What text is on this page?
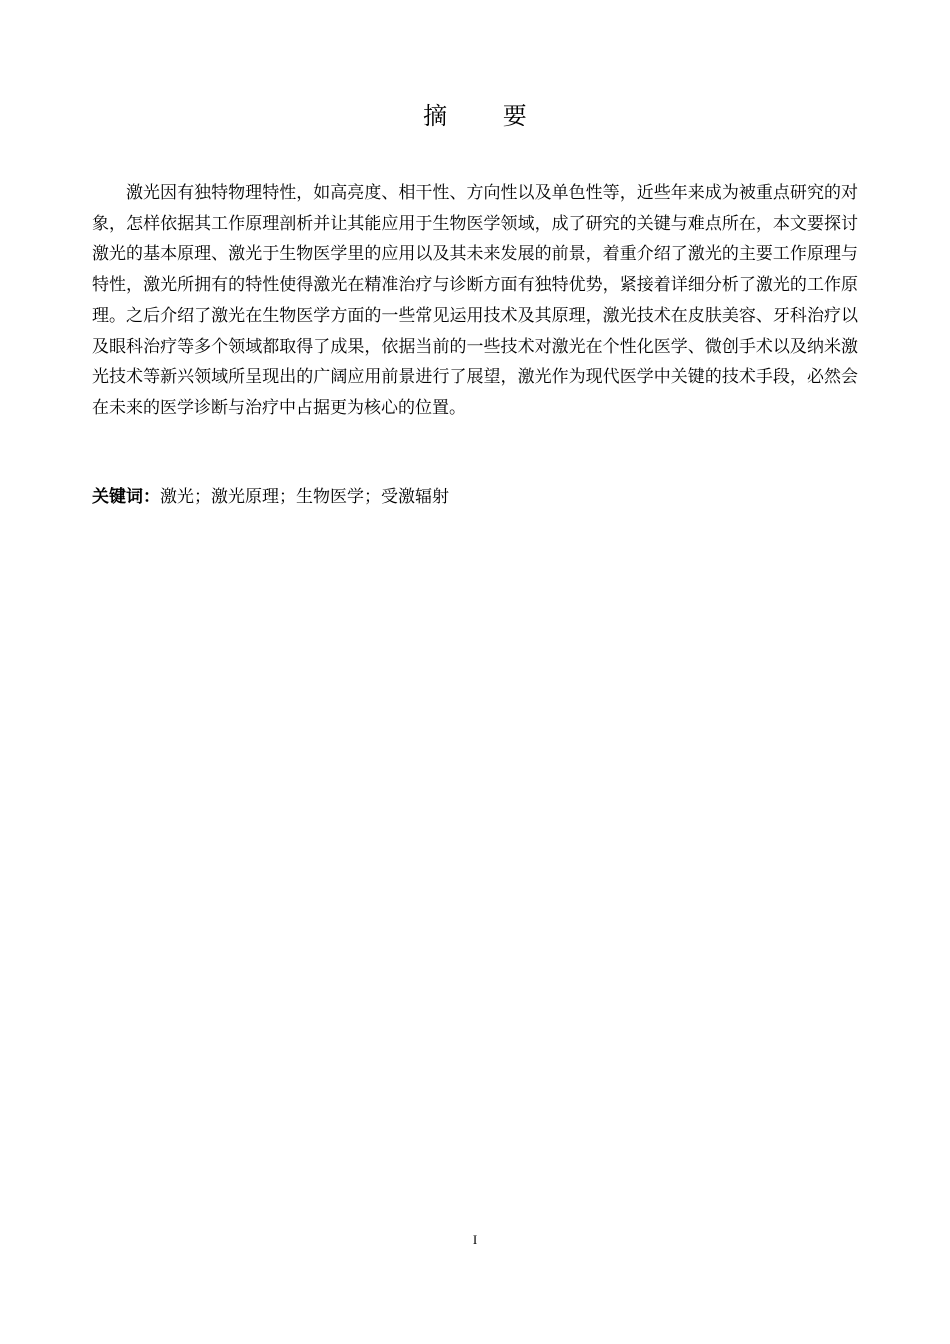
摘 要

激光因有独特物理特性，如高亮度、相干性、方向性以及单色性等，近些年来成为被重点研究的对象，怎样依据其工作原理剖析并让其能应用于生物医学领域，成了研究的关键与难点所在，本文要探讨激光的基本原理、激光于生物医学里的应用以及其未来发展的前景，着重介绍了激光的主要工作原理与特性，激光所拥有的特性使得激光在精准治疗与诊断方面有独特优势，紧接着详细分析了激光的工作原理。之后介绍了激光在生物医学方面的一些常见运用技术及其原理，激光技术在皮肤美容、牙科治疗以及眼科治疗等多个领域都取得了成果，依据当前的一些技术对激光在个性化医学、微创手术以及纳米激光技术等新兴领域所呈现出的广阔应用前景进行了展望，激光作为现代医学中关键的技术手段，必然会在未来的医学诊断与治疗中占据更为核心的位置。

关键词：激光；激光原理；生物医学；受激辐射

I
